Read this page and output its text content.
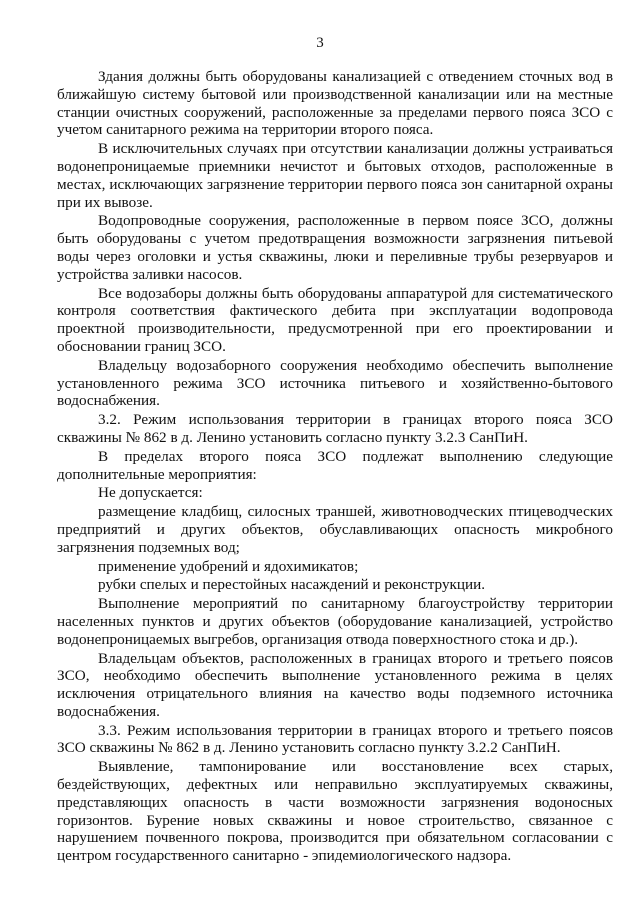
3

Здания должны быть оборудованы канализацией с отведением сточных вод в ближайшую систему бытовой или производственной канализации или на местные станции очистных сооружений, расположенные за пределами первого пояса ЗСО с учетом санитарного режима на территории второго пояса.

В исключительных случаях при отсутствии канализации должны устраиваться водонепроницаемые приемники нечистот и бытовых отходов, расположенные в местах, исключающих загрязнение территории первого пояса зон санитарной охраны при их вывозе.

Водопроводные сооружения, расположенные в первом поясе ЗСО, должны быть оборудованы с учетом предотвращения возможности загрязнения питьевой воды через оголовки и устья скважины, люки и переливные трубы резервуаров и устройства заливки насосов.

Все водозаборы должны быть оборудованы аппаратурой для систематического контроля соответствия фактического дебита при эксплуатации водопровода проектной производительности, предусмотренной при его проектировании и обосновании границ ЗСО.

Владельцу водозаборного сооружения необходимо обеспечить выполнение установленного режима ЗСО источника питьевого и хозяйственно-бытового водоснабжения.

3.2. Режим использования территории в границах второго пояса ЗСО скважины № 862 в д. Ленино установить согласно пункту 3.2.3 СанПиН.

В пределах второго пояса ЗСО подлежат выполнению следующие дополнительные мероприятия:

Не допускается:

размещение кладбищ, силосных траншей, животноводческих птицеводческих предприятий и других объектов, обуславливающих опасность микробного загрязнения подземных вод;

применение удобрений и ядохимикатов;

рубки спелых и перестойных насаждений и реконструкции.

Выполнение мероприятий по санитарному благоустройству территории населенных пунктов и других объектов (оборудование канализацией, устройство водонепроницаемых выгребов, организация отвода поверхностного стока и др.).

Владельцам объектов, расположенных в границах второго и третьего поясов ЗСО, необходимо обеспечить выполнение установленного режима в целях исключения отрицательного влияния на качество воды подземного источника водоснабжения.

3.3. Режим использования территории в границах второго и третьего поясов ЗСО скважины № 862 в д. Ленино установить согласно пункту 3.2.2 СанПиН.

Выявление, тампонирование или восстановление всех старых, бездействующих, дефектных или неправильно эксплуатируемых скважины, представляющих опасность в части возможности загрязнения водоносных горизонтов. Бурение новых скважины и новое строительство, связанное с нарушением почвенного покрова, производится при обязательном согласовании с центром государственного санитарно - эпидемиологического надзора.
